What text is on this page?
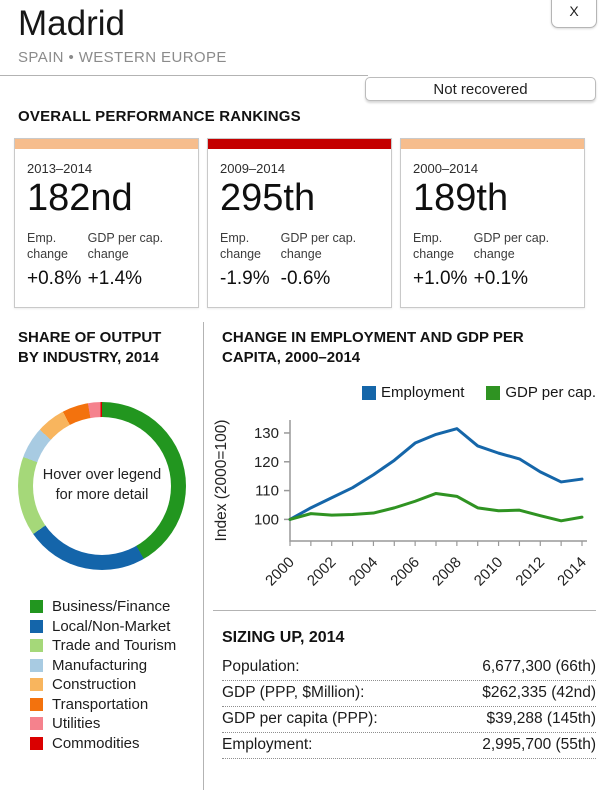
X
Madrid
SPAIN • WESTERN EUROPE
Not recovered
OVERALL PERFORMANCE RANKINGS
2013–2014
182nd
Emp. change
+0.8%
GDP per cap. change
+1.4%
2009–2014
295th
Emp. change
-1.9%
GDP per cap. change
-0.6%
2000–2014
189th
Emp. change
+1.0%
GDP per cap. change
+0.1%
SHARE OF OUTPUT BY INDUSTRY, 2014
Hover over legend for more detail
Business/Finance
Local/Non-Market
Trade and Tourism
Manufacturing
Construction
Transportation
Utilities
Commodities
CHANGE IN EMPLOYMENT AND GDP PER CAPITA, 2000–2014
Employment	GDP per cap.
100
110
120
130
2000 2002 2004 2006 2008 2010 2012 2014
Index (2000=100)
SIZING UP, 2014
Population:	6,677,300 (66th)
GDP (PPP, $Million):	$262,335 (42nd)
GDP per capita (PPP):	$39,288 (145th)
Employment:	2,995,700 (55th)
